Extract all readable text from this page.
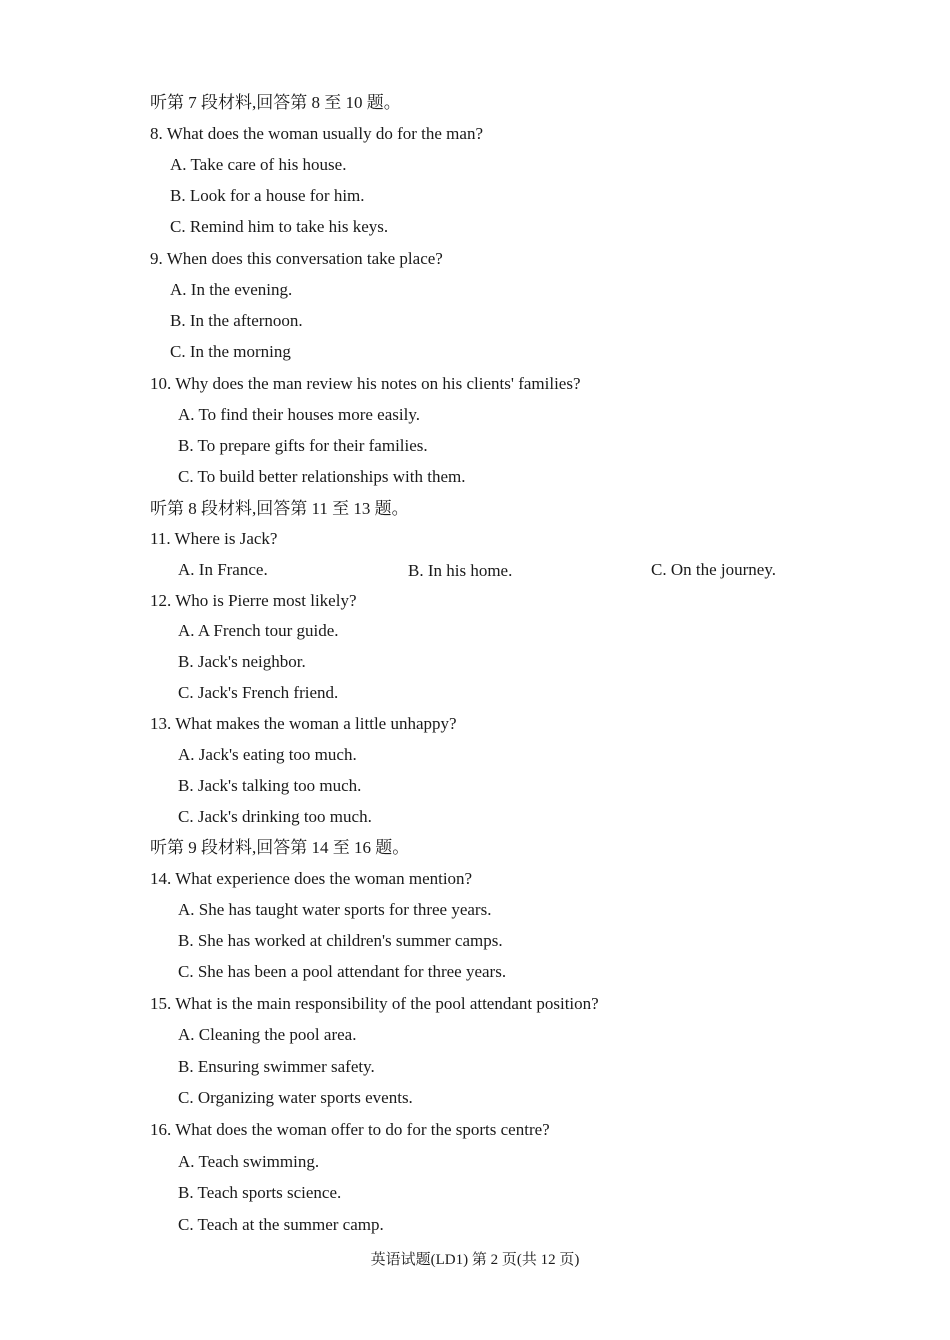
听第 7 段材料,回答第 8 至 10 题。
8. What does the woman usually do for the man?
A. Take care of his house.
B. Look for a house for him.
C. Remind him to take his keys.
9. When does this conversation take place?
A. In the evening.
B. In the afternoon.
C. In the morning
10. Why does the man review his notes on his clients' families?
A. To find their houses more easily.
B. To prepare gifts for their families.
C. To build better relationships with them.
听第 8 段材料,回答第 11 至 13 题。
11. Where is Jack?
A. In France.	B. In his home.	C. On the journey.
12. Who is Pierre most likely?
A. A French tour guide.
B. Jack's neighbor.
C. Jack's French friend.
13. What makes the woman a little unhappy?
A. Jack's eating too much.
B. Jack's talking too much.
C. Jack's drinking too much.
听第 9 段材料,回答第 14 至 16 题。
14. What experience does the woman mention?
A. She has taught water sports for three years.
B. She has worked at children's summer camps.
C. She has been a pool attendant for three years.
15. What is the main responsibility of the pool attendant position?
A. Cleaning the pool area.
B. Ensuring swimmer safety.
C. Organizing water sports events.
16. What does the woman offer to do for the sports centre?
A. Teach swimming.
B. Teach sports science.
C. Teach at the summer camp.
英语试题(LD1) 第 2 页(共 12 页)
